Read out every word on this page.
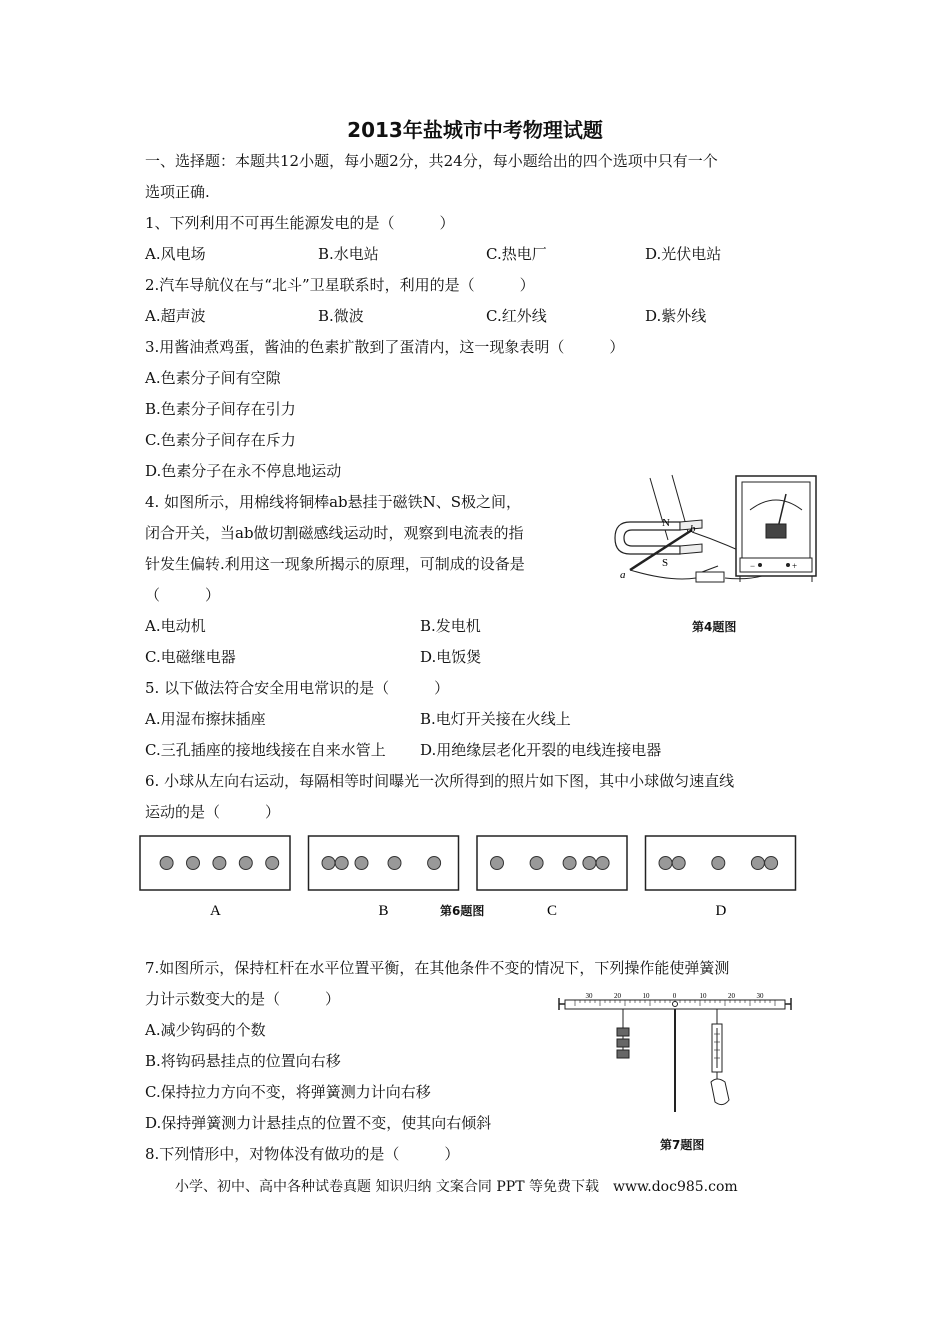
2013年盐城市中考物理试题
一、选择题：本题共12小题，每小题2分，共24分，每小题给出的四个选项中只有一个
选项正确.
1、下列利用不可再生能源发电的是（　　　）
A.风电场	B.水电站	C.热电厂	D.光伏电站
2.汽车导航仪在与“北斗”卫星联系时，利用的是（　　　）
A.超声波	B.微波	C.红外线	D.紫外线
3.用酱油煮鸡蛋，酱油的色素扩散到了蛋清内，这一现象表明（　　　）
A.色素分子间有空隙
B.色素分子间存在引力
C.色素分子间存在斥力
D.色素分子在永不停息地运动
4. 如图所示，用棉线将铜棒ab悬挂于磁铁N、S极之间，
闭合开关，当ab做切割磁感线运动时，观察到电流表的指
针发生偏转.利用这一现象所揭示的原理，可制成的设备是
（　　　）
A.电动机	B.发电机
C.电磁继电器	D.电饭煲
N
S
a
b
−	+
第4题图
5. 以下做法符合安全用电常识的是（　　　）
A.用湿布擦抹插座	B.电灯开关接在火线上
C.三孔插座的接地线接在自来水管上 D.用绝缘层老化开裂的电线连接电器
6. 小球从左向右运动，每隔相等时间曝光一次所得到的照片如下图，其中小球做匀速直线
运动的是（　　　）
A	B	C	D
第6题图
7.如图所示，保持杠杆在水平位置平衡，在其他条件不变的情况下，下列操作能使弹簧测
力计示数变大的是（　　　）
A.减少钩码的个数
B.将钩码悬挂点的位置向右移
C.保持拉力方向不变，将弹簧测力计向右移
D.保持弹簧测力计悬挂点的位置不变，使其向右倾斜
30	20	10	0	10	20	30
第7题图
8.下列情形中，对物体没有做功的是（　　　）
小学、初中、高中各种试卷真题 知识归纳 文案合同 PPT 等免费下载　www.doc985.com
